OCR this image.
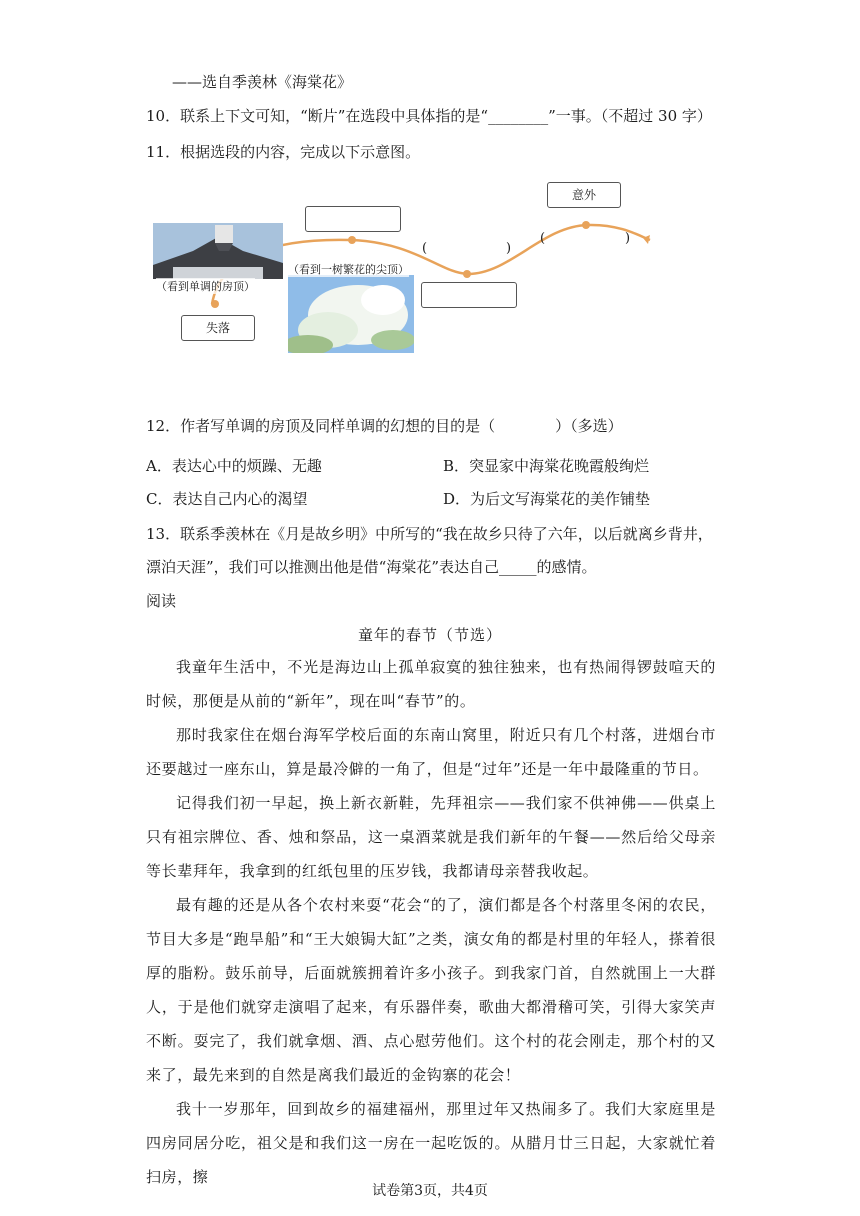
——选自季羡林《海棠花》
10．联系上下文可知，“断片”在选段中具体指的是“________”一事。（不超过 30 字）
11．根据选段的内容，完成以下示意图。
（看到单调的房顶）
（看到一树繁花的尖顶）
意外
失落
(	)
(	)
12．作者写单调的房顶及同样单调的幻想的目的是（　　　　）（多选）
A．表达心中的烦躁、无趣	B．突显家中海棠花晚霞般绚烂
C．表达自己内心的渴望	D．为后文写海棠花的美作铺垫
13．联系季羡林在《月是故乡明》中所写的“我在故乡只待了六年，以后就离乡背井，
漂泊天涯”，我们可以推测出他是借“海棠花”表达自己_____的感情。
阅读
童年的春节（节选）
我童年生活中，不光是海边山上孤单寂寞的独往独来，也有热闹得锣鼓喧天的时候，那便是从前的“新年”，现在叫“春节”的。
那时我家住在烟台海军学校后面的东南山窝里，附近只有几个村落，进烟台市还要越过一座东山，算是最冷僻的一角了，但是“过年”还是一年中最隆重的节日。
记得我们初一早起，换上新衣新鞋，先拜祖宗——我们家不供神佛——供桌上只有祖宗牌位、香、烛和祭品，这一桌酒菜就是我们新年的午餐——然后给父母亲等长辈拜年，我拿到的红纸包里的压岁钱，我都请母亲替我收起。
最有趣的还是从各个农村来耍“花会“的了，演们都是各个村落里冬闲的农民，节目大多是“跑旱船”和“王大娘锔大缸”之类，演女角的都是村里的年轻人，搽着很厚的脂粉。鼓乐前导，后面就簇拥着许多小孩子。到我家门首，自然就围上一大群人，于是他们就穿走演唱了起来，有乐器伴奏，歌曲大都滑稽可笑，引得大家笑声不断。耍完了，我们就拿烟、酒、点心慰劳他们。这个村的花会刚走，那个村的又来了，最先来到的自然是离我们最近的金钩寨的花会！
我十一岁那年，回到故乡的福建福州，那里过年又热闹多了。我们大家庭里是四房同居分吃，祖父是和我们这一房在一起吃饭的。从腊月廿三日起，大家就忙着扫房，擦
试卷第3页，共4页
